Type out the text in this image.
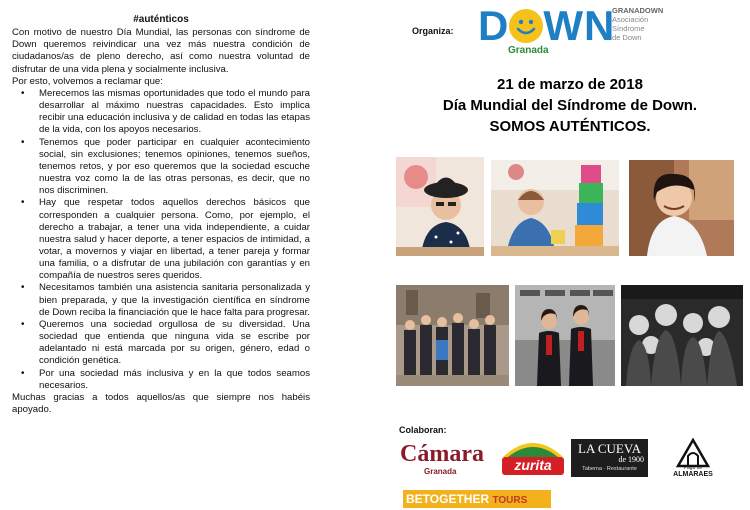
#auténticos

Con motivo de nuestro Día Mundial, las personas con síndrome de Down queremos reivindicar una vez más nuestra condición de ciudadanos/as de pleno derecho, así como nuestra voluntad de disfrutar de una vida plena y socialmente inclusiva.

Por esto, volvemos a reclamar que:

• Merecemos las mismas oportunidades que todo el mundo para desarrollar al máximo nuestras capacidades. Esto implica recibir una educación inclusiva y de calidad en todas las etapas de la vida, con los apoyos necesarios.
• Tenemos que poder participar en cualquier acontecimiento social, sin exclusiones; tenemos opiniones, tenemos sueños, tenemos retos, y por eso queremos que la sociedad escuche nuestra voz como la de las otras personas, es decir, que no nos discriminen.
• Hay que respetar todos aquellos derechos básicos que corresponden a cualquier persona. Como, por ejemplo, el derecho a trabajar, a tener una vida independiente, a cuidar nuestra salud y hacer deporte, a tener espacios de intimidad, a votar, a movernos y viajar en libertad, a tener pareja y formar una familia, o a disfrutar de una jubilación con garantías y en compañía de nuestros seres queridos.
• Necesitamos también una asistencia sanitaria personalizada y bien preparada, y que la investigación científica en síndrome de Down reciba la financiación que le hace falta para progresar.
• Queremos una sociedad orgullosa de su diversidad. Una sociedad que entienda que ninguna vida se escribe por adelantado ni está marcada por su origen, género, edad o condición genética.
• Por una sociedad más inclusiva y en la que todos seamos necesarios.

Muchas gracias a todos aquellos/as que siempre nos habéis apoyado.

Organiza: D WN
Granada
GRANADOWN
Asociación
Síndrome
de Down
21 de marzo de 2018
Día Mundial del Síndrome de Down.
SOMOS AUTÉNTICOS.
Colaboran:
Cámara
Granada	zurita
LA CUEVA
de 1900
Taberna · Restaurante	Pago de
ALMARAES
BETOGETHER TOURS
